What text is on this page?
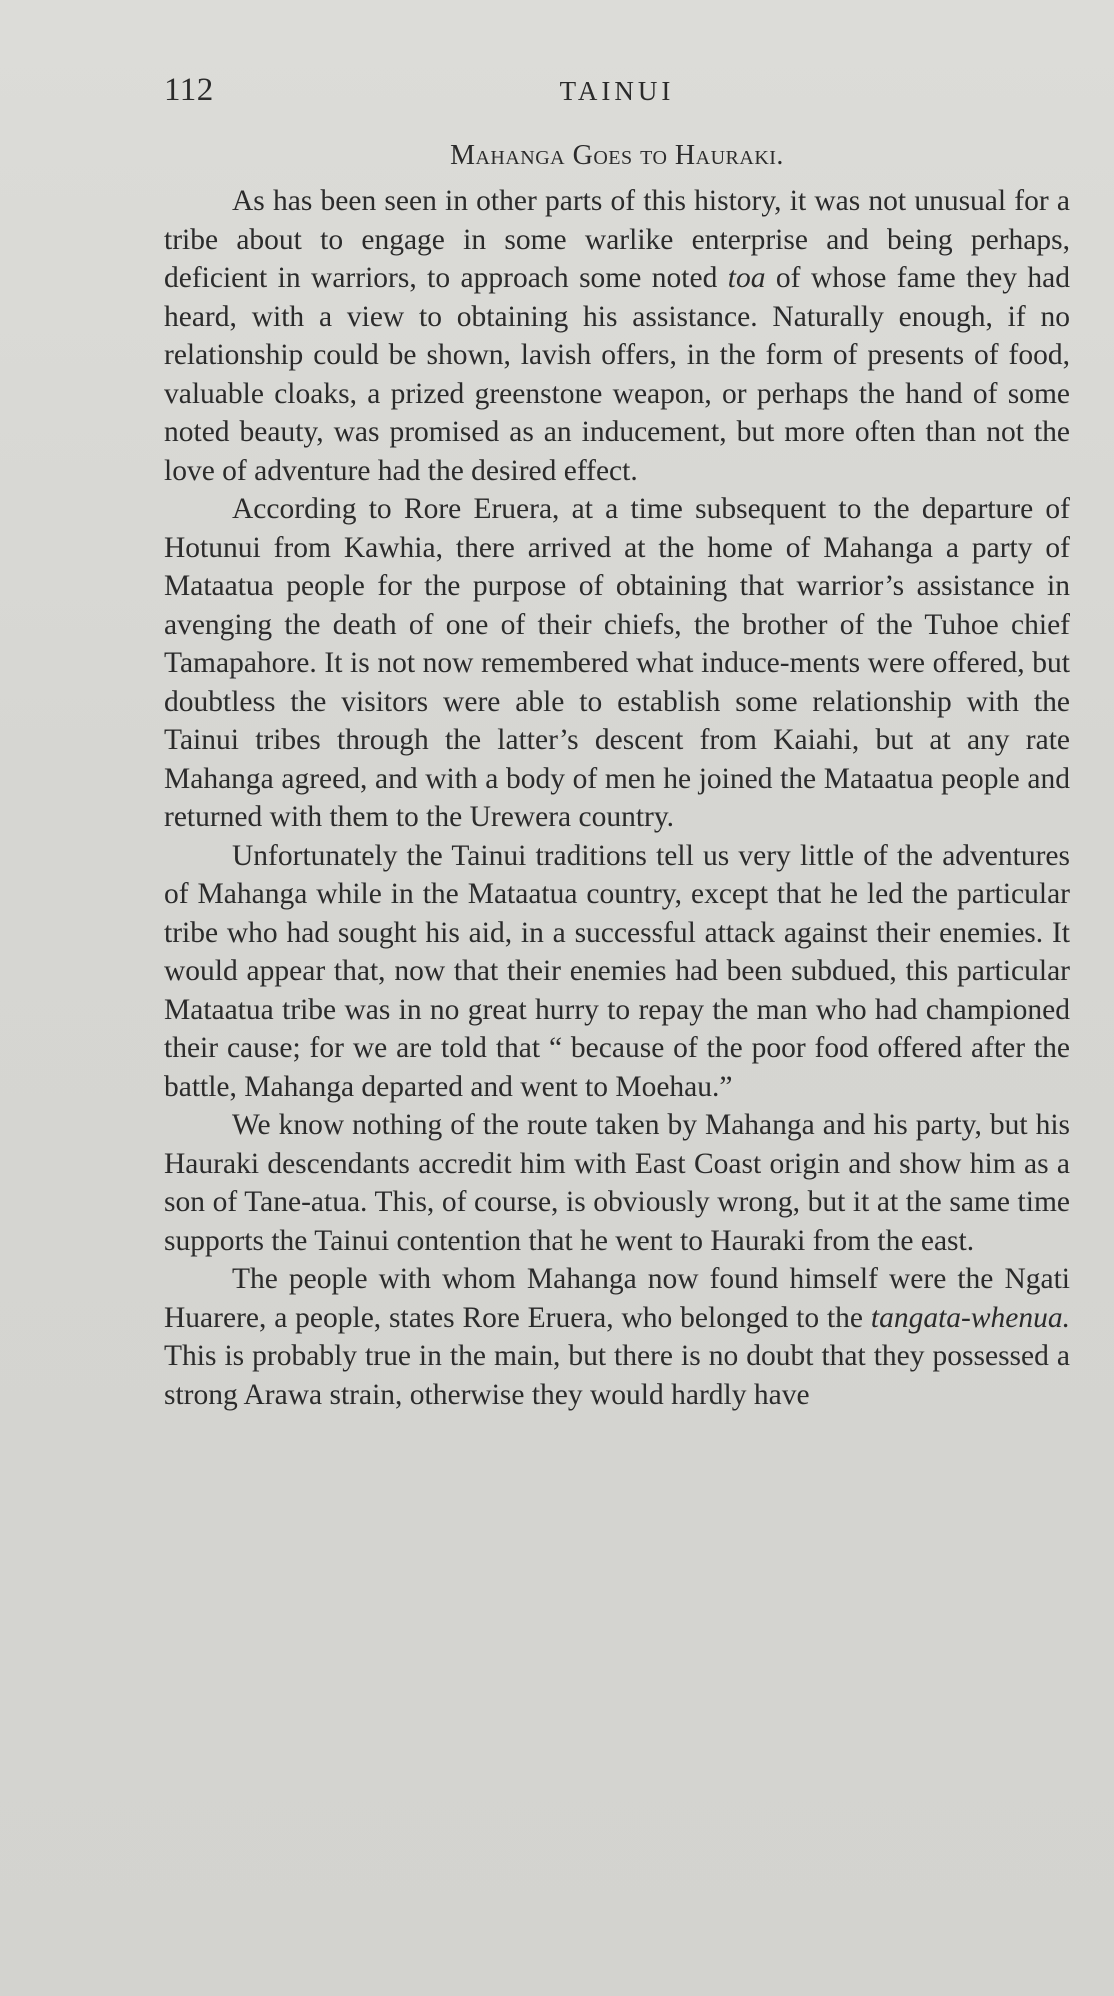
112	TAINUI
Mahanga Goes to Hauraki.

As has been seen in other parts of this history, it was not unusual for a tribe about to engage in some warlike enterprise and being perhaps, deficient in warriors, to approach some noted toa of whose fame they had heard, with a view to obtaining his assistance. Naturally enough, if no relationship could be shown, lavish offers, in the form of presents of food, valuable cloaks, a prized greenstone weapon, or perhaps the hand of some noted beauty, was promised as an inducement, but more often than not the love of adventure had the desired effect.

According to Rore Eruera, at a time subsequent to the departure of Hotunui from Kawhia, there arrived at the home of Mahanga a party of Mataatua people for the purpose of obtaining that warrior’s assistance in avenging the death of one of their chiefs, the brother of the Tuhoe chief Tamapahore. It is not now remembered what induce-ments were offered, but doubtless the visitors were able to establish some relationship with the Tainui tribes through the latter’s descent from Kaiahi, but at any rate Mahanga agreed, and with a body of men he joined the Mataatua people and returned with them to the Urewera country.

Unfortunately the Tainui traditions tell us very little of the adventures of Mahanga while in the Mataatua country, except that he led the particular tribe who had sought his aid, in a successful attack against their enemies. It would appear that, now that their enemies had been subdued, this particular Mataatua tribe was in no great hurry to repay the man who had championed their cause; for we are told that “ because of the poor food offered after the battle, Mahanga departed and went to Moehau.”

We know nothing of the route taken by Mahanga and his party, but his Hauraki descendants accredit him with East Coast origin and show him as a son of Tane-atua. This, of course, is obviously wrong, but it at the same time supports the Tainui contention that he went to Hauraki from the east.

The people with whom Mahanga now found himself were the Ngati Huarere, a people, states Rore Eruera, who belonged to the tangata-whenua. This is probably true in the main, but there is no doubt that they possessed a strong Arawa strain, otherwise they would hardly have
